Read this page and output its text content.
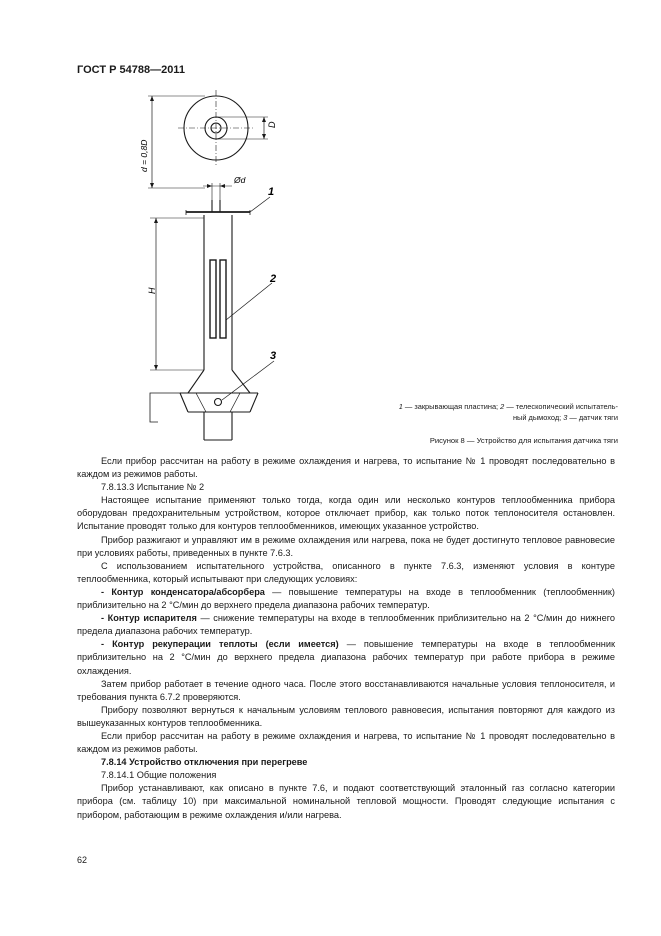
ГОСТ Р 54788—2011
D
d = 0,8D
Ød
H
1
2
3
1 — закрывающая пластина; 2 — телескопический испытатель-
ный дымоход; 3 — датчик тяги
Рисунок 8 — Устройство для испытания датчика тяги

Если прибор рассчитан на работу в режиме охлаждения и нагрева, то испытание № 1 проводят последовательно в каждом из режимов работы.

7.8.13.3 Испытание № 2

Настоящее испытание применяют только тогда, когда один или несколько контуров теплообменника прибора оборудован предохранительным устройством, которое отключает прибор, как только поток теплоносителя остановлен. Испытание проводят только для контуров теплообменников, имеющих указанное устройство.

Прибор разжигают и управляют им в режиме охлаждения или нагрева, пока не будет достигнуто тепловое равновесие при условиях работы, приведенных в пункте 7.6.3.

С использованием испытательного устройства, описанного в пункте 7.6.3, изменяют условия в контуре теплообменника, который испытывают при следующих условиях:

- Контур конденсатора/абсорбера — повышение температуры на входе в теплообменник (теплообменник) приблизительно на 2 °С/мин до верхнего предела диапазона рабочих температур.

- Контур испарителя — снижение температуры на входе в теплообменник приблизительно на 2 °С/мин до нижнего предела диапазона рабочих температур.

- Контур рекуперации теплоты (если имеется) — повышение температуры на входе в теплообменник приблизительно на 2 °С/мин до верхнего предела диапазона рабочих температур при работе прибора в режиме охлаждения.

Затем прибор работает в течение одного часа. После этого восстанавливаются начальные условия теплоносителя, и требования пункта 6.7.2 проверяются.

Прибору позволяют вернуться к начальным условиям теплового равновесия, испытания повторяют для каждого из вышеуказанных контуров теплообменника.

Если прибор рассчитан на работу в режиме охлаждения и нагрева, то испытание № 1 проводят последовательно в каждом из режимов работы.

7.8.14 Устройство отключения при перегреве

7.8.14.1 Общие положения

Прибор устанавливают, как описано в пункте 7.6, и подают соответствующий эталонный газ согласно категории прибора (см. таблицу 10) при максимальной номинальной тепловой мощности. Проводят следующие испытания с прибором, работающим в режиме охлаждения и/или нагрева.

62
